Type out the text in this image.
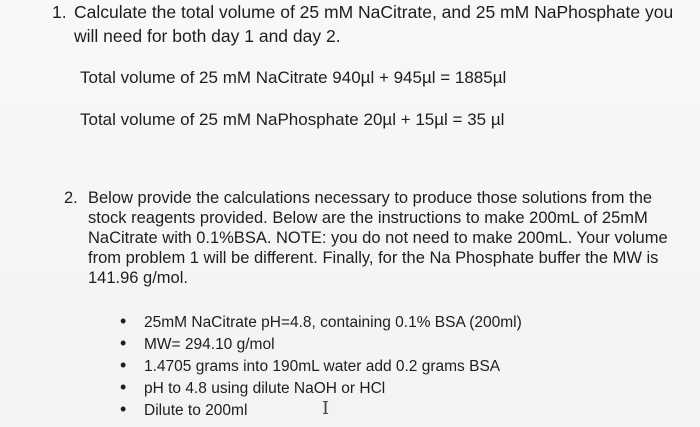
1. Calculate the total volume of 25 mM NaCitrate, and 25 mM NaPhosphate you will need for both day 1 and day 2.
Total volume of 25 mM NaCitrate 940µl + 945µl = 1885µl
Total volume of 25 mM NaPhosphate 20µl + 15µl = 35 µl
2. Below provide the calculations necessary to produce those solutions from the stock reagents provided. Below are the instructions to make 200mL of 25mM NaCitrate with 0.1%BSA. NOTE: you do not need to make 200mL. Your volume from problem 1 will be different. Finally, for the Na Phosphate buffer the MW is 141.96 g/mol.
•	25mM NaCitrate pH=4.8, containing 0.1% BSA (200ml)
•	MW= 294.10 g/mol
•	1.4705 grams into 190mL water add 0.2 grams BSA
•	pH to 4.8 using dilute NaOH or HCl
•	Dilute to 200ml	I
